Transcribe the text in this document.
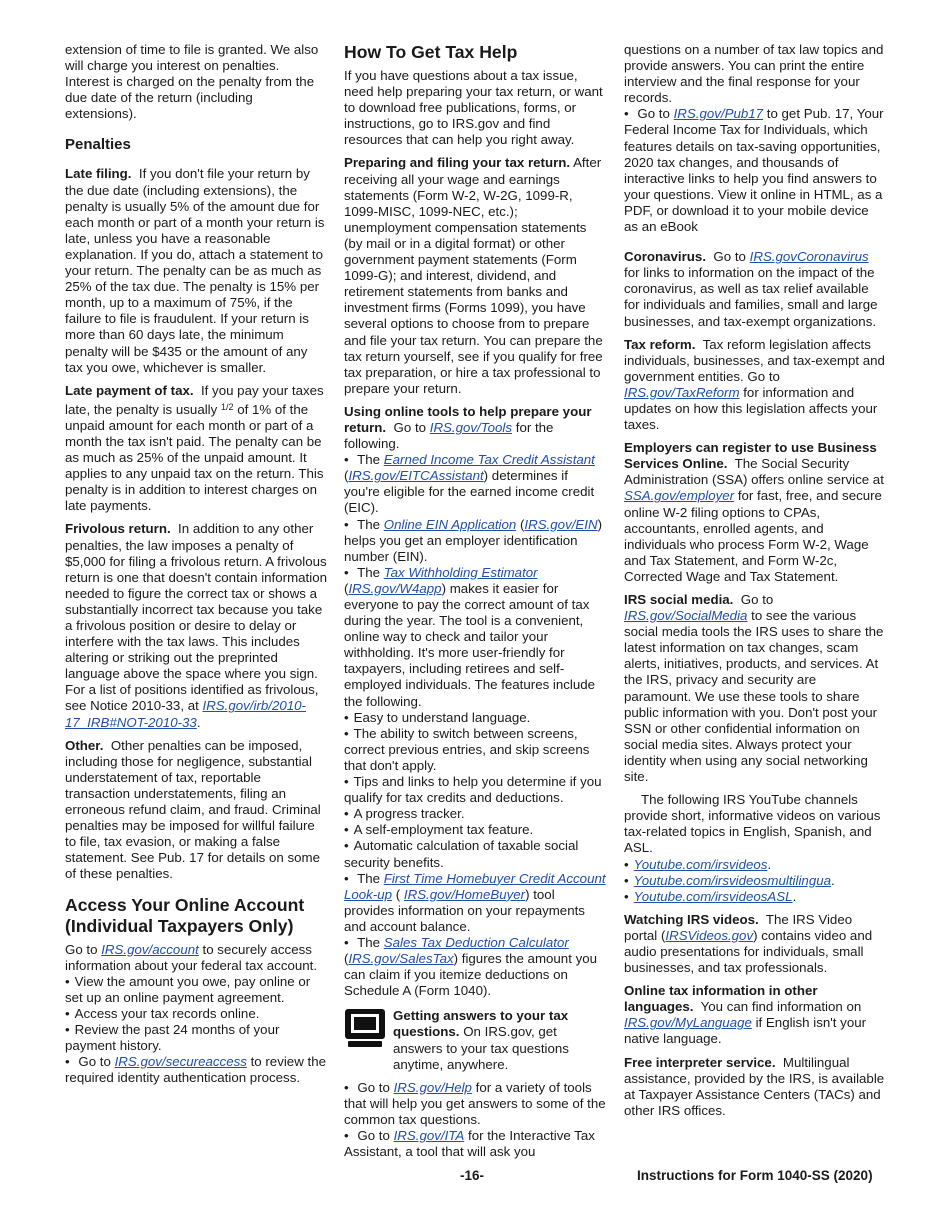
extension of time to file is granted. We also will charge you interest on penalties. Interest is charged on the penalty from the due date of the return (including extensions).

Penalties

Late filing. If you don't file your return by the due date (including extensions), the penalty is usually 5% of the amount due for each month or part of a month your return is late, unless you have a reasonable explanation. If you do, attach a statement to your return. The penalty can be as much as 25% of the tax due. The penalty is 15% per month, up to a maximum of 75%, if the failure to file is fraudulent. If your return is more than 60 days late, the minimum penalty will be $435 or the amount of any tax you owe, whichever is smaller.

Late payment of tax. If you pay your taxes late, the penalty is usually $^{1/2}$ of 1% of the unpaid amount for each month or part of a month the tax isn't paid. The penalty can be as much as 25% of the unpaid amount. It applies to any unpaid tax on the return. This penalty is in addition to interest charges on late payments.

Frivolous return. In addition to any other penalties, the law imposes a penalty of $5,000 for filing a frivolous return. A frivolous return is one that doesn't contain information needed to figure the correct tax or shows a substantially incorrect tax because you take a frivolous position or desire to delay or interfere with the tax laws. This includes altering or striking out the preprinted language above the space where you sign. For a list of positions identified as frivolous, see Notice 2010-33, at IRS.gov/irb/2010-17_IRB#NOT-2010-33.

Other. Other penalties can be imposed, including those for negligence, substantial understatement of tax, reportable transaction understatements, filing an erroneous refund claim, and fraud. Criminal penalties may be imposed for willful failure to file, tax evasion, or making a false statement. See Pub. 17 for details on some of these penalties.

Access Your Online Account (Individual Taxpayers Only)

Go to IRS.gov/account to securely access information about your federal tax account.

• View the amount you owe, pay online or set up an online payment agreement.

• Access your tax records online.

• Review the past 24 months of your payment history.

• Go to IRS.gov/secureaccess to review the required identity authentication process.

How To Get Tax Help

If you have questions about a tax issue, need help preparing your tax return, or want to download free publications, forms, or instructions, go to IRS.gov and find resources that can help you right away.

Preparing and filing your tax return. After receiving all your wage and earnings statements (Form W-2, W-2G, 1099-R, 1099-MISC, 1099-NEC, etc.); unemployment compensation statements (by mail or in a digital format) or other government payment statements (Form 1099-G); and interest, dividend, and retirement statements from banks and investment firms (Forms 1099), you have several options to choose from to prepare and file your tax return. You can prepare the tax return yourself, see if you qualify for free tax preparation, or hire a tax professional to prepare your return.

Using online tools to help prepare your return. Go to IRS.gov/Tools for the following.

• The Earned Income Tax Credit Assistant (IRS.gov/EITCAssistant) determines if you're eligible for the earned income credit (EIC).

• The Online EIN Application (IRS.gov/EIN) helps you get an employer identification number (EIN).

• The Tax Withholding Estimator (IRS.gov/W4app) makes it easier for everyone to pay the correct amount of tax during the year. The tool is a convenient, online way to check and tailor your withholding. It's more user-friendly for taxpayers, including retirees and self-employed individuals. The features include the following.

• Easy to understand language.

• The ability to switch between screens, correct previous entries, and skip screens that don't apply.

• Tips and links to help you determine if you qualify for tax credits and deductions.

• A progress tracker.

• A self-employment tax feature.

• Automatic calculation of taxable social security benefits.

• The First Time Homebuyer Credit Account Look-up ( IRS.gov/HomeBuyer) tool provides information on your repayments and account balance.

• The Sales Tax Deduction Calculator (IRS.gov/SalesTax) figures the amount you can claim if you itemize deductions on Schedule A (Form 1040).

Getting answers to your tax questions. On IRS.gov, get answers to your tax questions anytime, anywhere.

• Go to IRS.gov/Help for a variety of tools that will help you get answers to some of the common tax questions.

• Go to IRS.gov/ITA for the Interactive Tax Assistant, a tool that will ask you

questions on a number of tax law topics and provide answers. You can print the entire interview and the final response for your records.

• Go to IRS.gov/Pub17 to get Pub. 17, Your Federal Income Tax for Individuals, which features details on tax-saving opportunities, 2020 tax changes, and thousands of interactive links to help you find answers to your questions. View it online in HTML, as a PDF, or download it to your mobile device as an eBook

Coronavirus. Go to IRS.govCoronavirus for links to information on the impact of the coronavirus, as well as tax relief available for individuals and families, small and large businesses, and tax-exempt organizations.

Tax reform. Tax reform legislation affects individuals, businesses, and tax-exempt and government entities. Go to IRS.gov/TaxReform for information and updates on how this legislation affects your taxes.

Employers can register to use Business Services Online. The Social Security Administration (SSA) offers online service at SSA.gov/employer for fast, free, and secure online W-2 filing options to CPAs, accountants, enrolled agents, and individuals who process Form W-2, Wage and Tax Statement, and Form W-2c, Corrected Wage and Tax Statement.

IRS social media. Go to IRS.gov/SocialMedia to see the various social media tools the IRS uses to share the latest information on tax changes, scam alerts, initiatives, products, and services. At the IRS, privacy and security are paramount. We use these tools to share public information with you. Don't post your SSN or other confidential information on social media sites. Always protect your identity when using any social networking site.

The following IRS YouTube channels provide short, informative videos on various tax-related topics in English, Spanish, and ASL.

• Youtube.com/irsvideos.

• Youtube.com/irsvideosmultilingua.

• Youtube.com/irsvideosASL.

Watching IRS videos. The IRS Video portal (IRSVideos.gov) contains video and audio presentations for individuals, small businesses, and tax professionals.

Online tax information in other languages. You can find information on IRS.gov/MyLanguage if English isn't your native language.

Free interpreter service. Multilingual assistance, provided by the IRS, is available at Taxpayer Assistance Centers (TACs) and other IRS offices.

-16-	Instructions for Form 1040-SS (2020)
